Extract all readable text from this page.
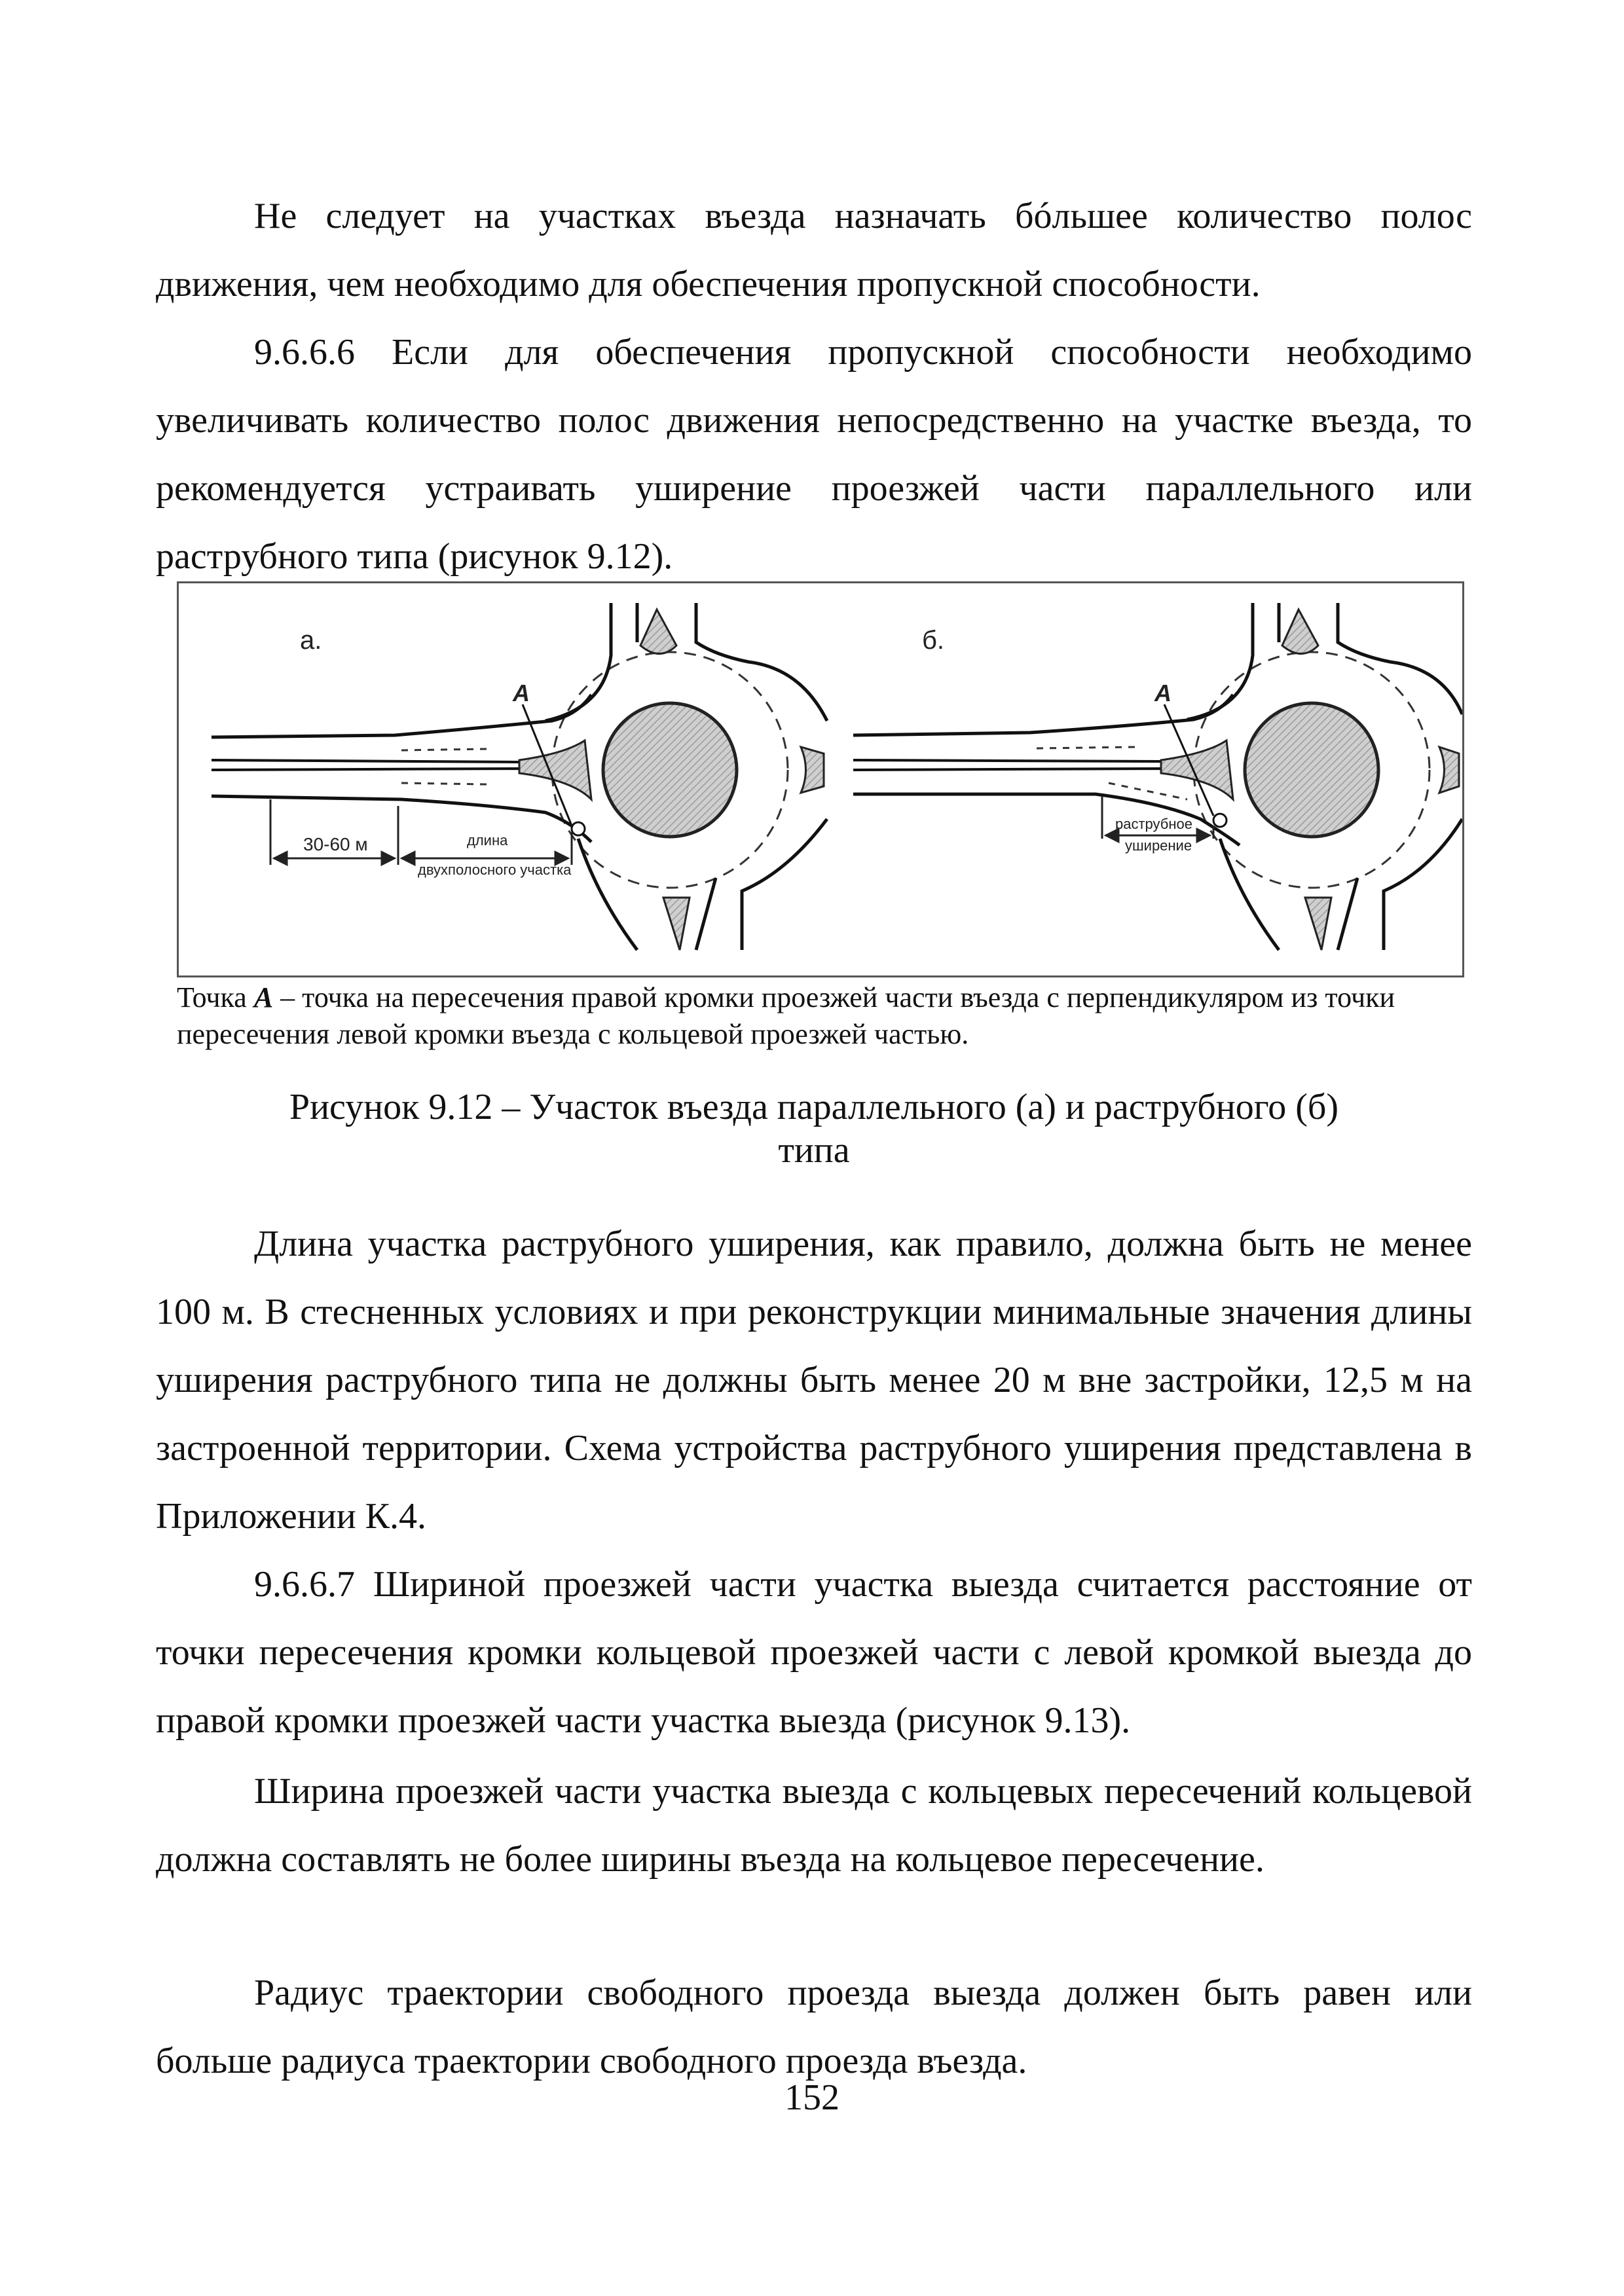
Не следует на участках въезда назначать бóльшее количество полос движения, чем необходимо для обеспечения пропускной способности.

9.6.6.6 Если для обеспечения пропускной способности необходимо увеличивать количество полос движения непосредственно на участке въезда, то рекомендуется устраивать уширение проезжей части параллельного или раструбного типа (рисунок 9.12).

а.
А
30-60 м	длина
двухполосного участка
б.
А
раструбное
уширение

Точка А – точка на пересечения правой кромки проезжей части въезда с перпендикуляром из точки пересечения левой кромки въезда с кольцевой проезжей частью.

Рисунок 9.12 – Участок въезда параллельного (а) и раструбного (б)
типа

Длина участка раструбного уширения, как правило, должна быть не менее 100 м. В стесненных условиях и при реконструкции минимальные значения длины уширения раструбного типа не должны быть менее 20 м вне застройки, 12,5 м на застроенной территории. Схема устройства раструбного уширения представлена в Приложении К.4.

9.6.6.7 Шириной проезжей части участка выезда считается расстояние от точки пересечения кромки кольцевой проезжей части с левой кромкой выезда до правой кромки проезжей части участка выезда (рисунок 9.13).

Ширина проезжей части участка выезда с кольцевых пересечений кольцевой должна составлять не более ширины въезда на кольцевое пересечение.

Радиус траектории свободного проезда выезда должен быть равен или больше радиуса траектории свободного проезда въезда.

152
